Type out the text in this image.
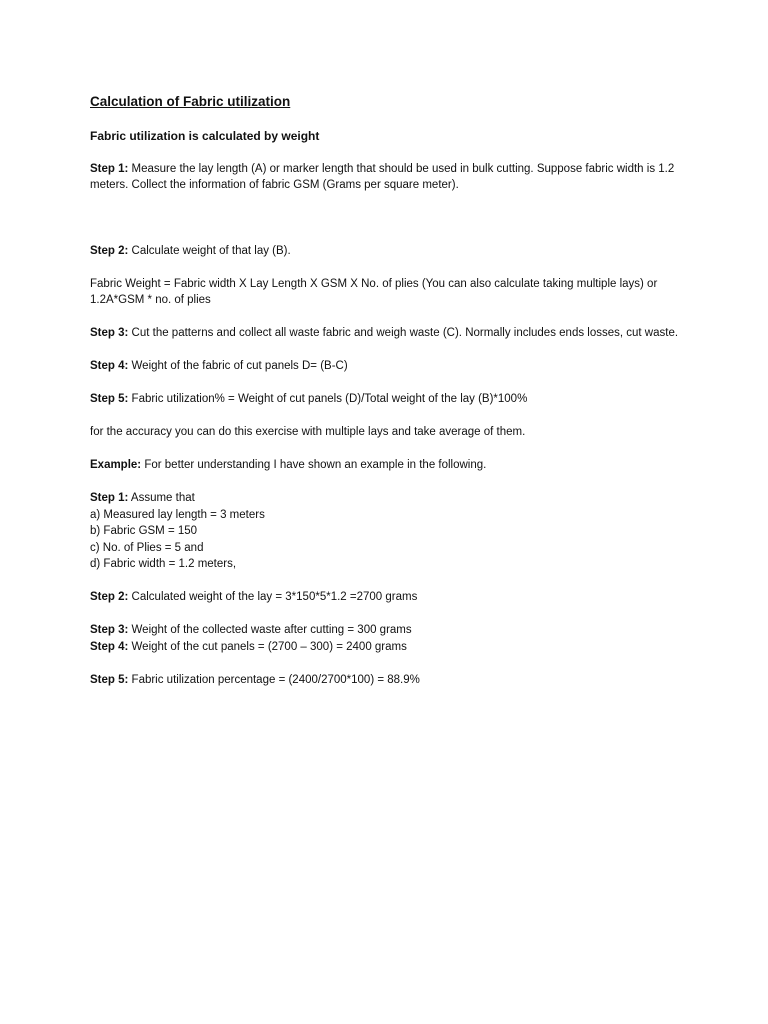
Calculation of Fabric utilization
Fabric utilization is calculated by weight

Step 1: Measure the lay length (A) or marker length that should be used in bulk cutting. Suppose fabric width is 1.2 meters. Collect the information of fabric GSM (Grams per square meter).

Step 2: Calculate weight of that lay (B).

Fabric Weight = Fabric width X Lay Length X GSM X No. of plies (You can also calculate taking multiple lays) or 1.2A*GSM * no. of plies

Step 3: Cut the patterns and collect all waste fabric and weigh waste (C). Normally includes ends losses, cut waste.

Step 4: Weight of the fabric of cut panels D= (B-C)

Step 5: Fabric utilization% = Weight of cut panels (D)/Total weight of the lay (B)*100%

for the accuracy you can do this exercise with multiple lays and take average of them.

Example: For better understanding I have shown an example in the following.

Step 1: Assume that
a) Measured lay length = 3 meters
b) Fabric GSM = 150
c) No. of Plies = 5 and
d) Fabric width = 1.2 meters,

Step 2: Calculated weight of the lay = 3*150*5*1.2 =2700 grams

Step 3: Weight of the collected waste after cutting = 300 grams

Step 4: Weight of the cut panels = (2700 – 300) = 2400 grams

Step 5: Fabric utilization percentage = (2400/2700*100) = 88.9%
